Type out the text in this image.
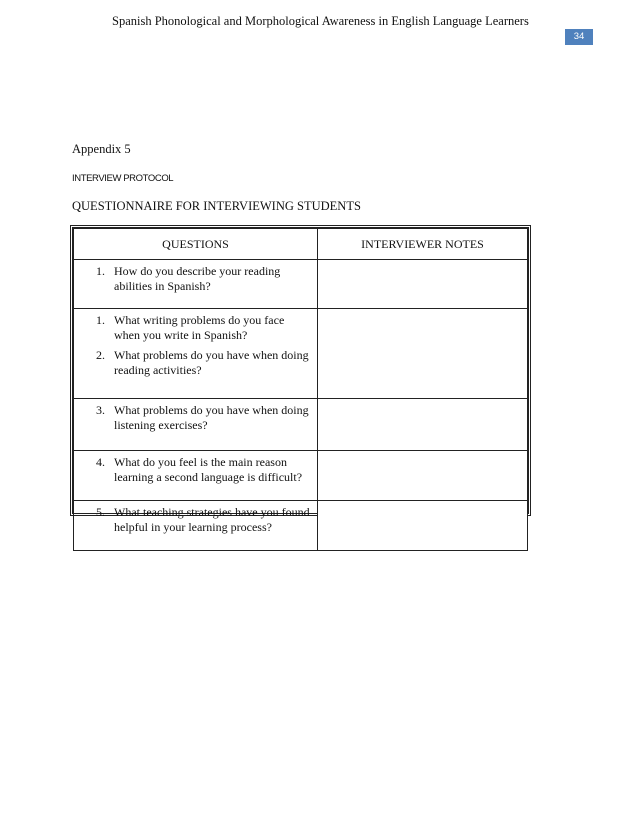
Spanish Phonological and Morphological Awareness in English Language Learners
34
Appendix 5
INTERVIEW PROTOCOL
QUESTIONNAIRE FOR INTERVIEWING STUDENTS
QUESTIONS	INTERVIEWER NOTES

1. How do you describe your reading abilities in Spanish?	

1. What writing problems do you face when you write in Spanish?
2. What problems do you have when doing reading activities?	

3. What problems do you have when doing listening exercises?	

4. What do you feel is the main reason learning a second language is difficult?	

5. What teaching strategies have you found helpful in your learning process?	
